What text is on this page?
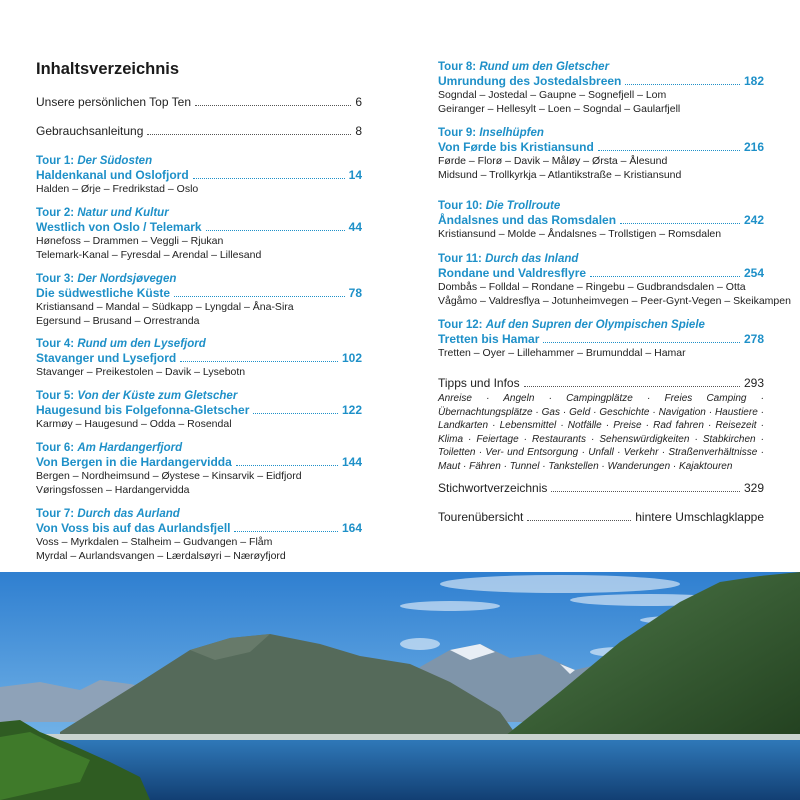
Inhaltsverzeichnis
Unsere persönlichen Top Ten	6
Gebrauchsanleitung	8
Tour 1: Der Südosten
Haldenkanal und Oslofjord	14
Halden – Ørje – Fredrikstad – Oslo
Tour 2: Natur und Kultur
Westlich von Oslo / Telemark	44
Hønefoss – Drammen – Veggli – Rjukan
Telemark-Kanal – Fyresdal – Arendal – Lillesand
Tour 3: Der Nordsjøvegen
Die südwestliche Küste	78
Kristiansand – Mandal – Südkapp – Lyngdal – Åna-Sira
Egersund – Brusand – Orrestranda
Tour 4: Rund um den Lysefjord
Stavanger und Lysefjord	102
Stavanger – Preikestolen – Davik – Lysebotn
Tour 5: Von der Küste zum Gletscher
Haugesund bis Folgefonna-Gletscher	122
Karmøy – Haugesund – Odda – Rosendal
Tour 6: Am Hardangerfjord
Von Bergen in die Hardangervidda	144
Bergen – Nordheimsund – Øystese – Kinsarvik – Eidfjord
Vøringsfossen – Hardangervidda
Tour 7: Durch das Aurland
Von Voss bis auf das Aurlandsfjell	164
Voss – Myrkdalen – Stalheim – Gudvangen – Flåm
Myrdal – Aurlandsvangen – Lærdalsøyri – Nærøyfjord
Tour 8: Rund um den Gletscher
Umrundung des Jostedalsbreen	182
Sogndal – Jostedal – Gaupne – Sognefjell – Lom
Geiranger – Hellesylt – Loen – Sogndal – Gaularfjell
Tour 9: Inselhüpfen
Von Førde bis Kristiansund	216
Førde – Florø – Davik – Måløy – Ørsta – Ålesund
Midsund – Trollkyrkja – Atlantikstraße – Kristiansund
Tour 10: Die Trollroute
Åndalsnes und das Romsdalen	242
Kristiansund – Molde – Åndalsnes – Trollstigen – Romsdalen
Tour 11: Durch das Inland
Rondane und Valdresflyre	254
Dombås – Folldal – Rondane – Ringebu – Gudbrandsdalen – Otta
Vågåmo – Valdresflya – Jotunheimvegen – Peer-Gynt-Vegen – Skeikampen
Tour 12: Auf den Supren der Olympischen Spiele
Tretten bis Hamar	278
Tretten – Oyer – Lillehammer – Brumunddal – Hamar
Tipps und Infos	293
Anreise · Angeln · Campingplätze · Freies Camping · Übernachtungsplätze · Gas · Geld · Geschichte · Navigation · Haustiere · Landkarten · Lebensmittel · Notfälle · Preise · Rad fahren · Reisezeit · Klima · Feiertage · Restaurants · Sehenswürdigkeiten · Stabkirchen · Toiletten · Ver- und Entsorgung · Unfall · Verkehr · Straßenverhältnisse · Maut · Fähren · Tunnel · Tankstellen · Wanderungen · Kajaktouren
Stichwortverzeichnis	329
Tourenübersicht	hintere Umschlagklappe
